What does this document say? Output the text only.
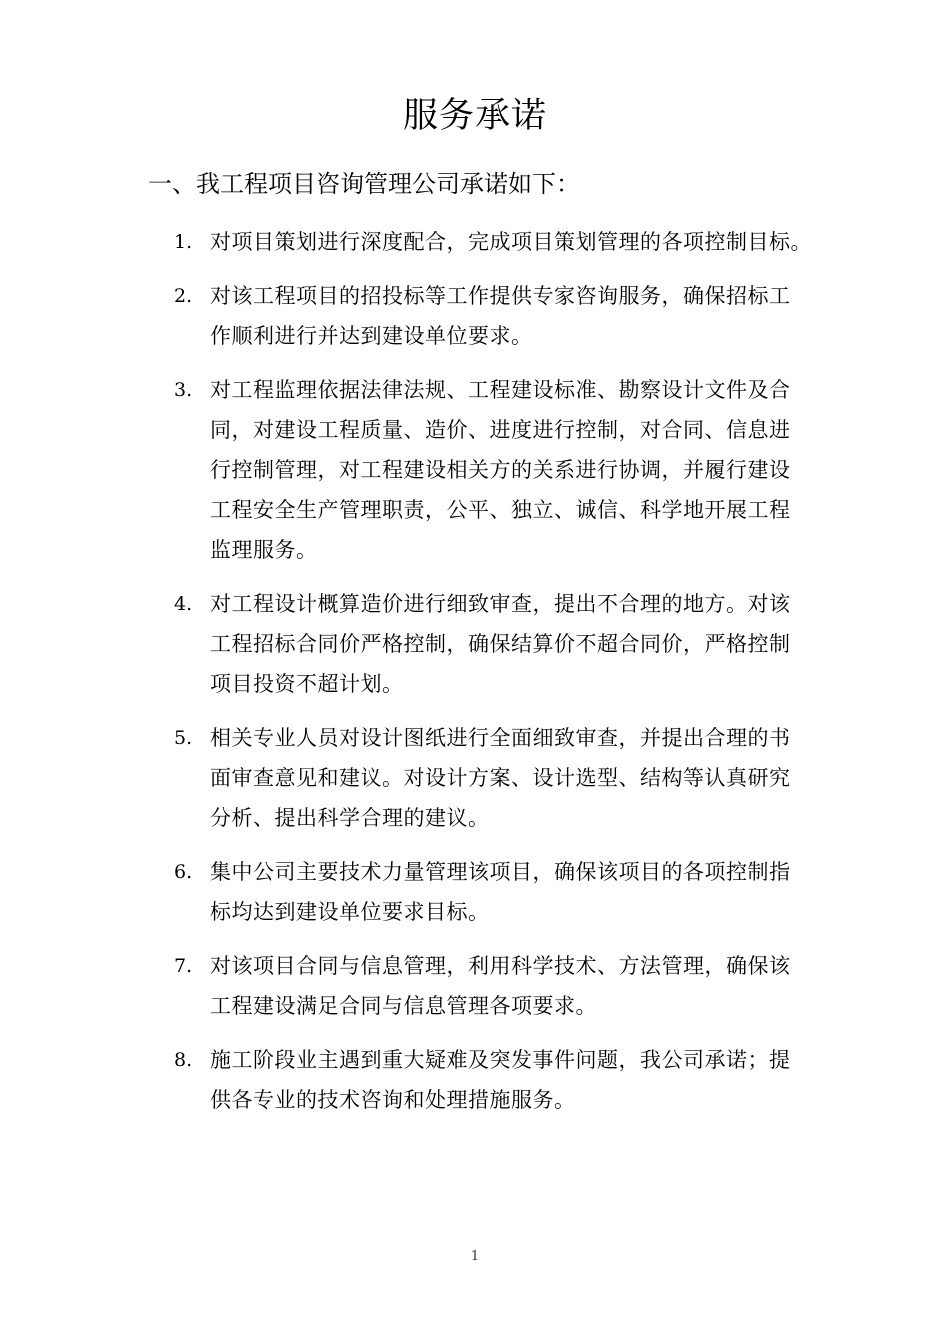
服务承诺
一、我工程项目咨询管理公司承诺如下：
1. 对项目策划进行深度配合，完成项目策划管理的各项控制目标。
2. 对该工程项目的招投标等工作提供专家咨询服务，确保招标工
作顺利进行并达到建设单位要求。
3. 对工程监理依据法律法规、工程建设标准、勘察设计文件及合
同，对建设工程质量、造价、进度进行控制，对合同、信息进
行控制管理，对工程建设相关方的关系进行协调，并履行建设
工程安全生产管理职责，公平、独立、诚信、科学地开展工程
监理服务。
4. 对工程设计概算造价进行细致审查，提出不合理的地方。对该
工程招标合同价严格控制，确保结算价不超合同价，严格控制
项目投资不超计划。
5. 相关专业人员对设计图纸进行全面细致审查，并提出合理的书
面审查意见和建议。对设计方案、设计选型、结构等认真研究
分析、提出科学合理的建议。
6. 集中公司主要技术力量管理该项目，确保该项目的各项控制指
标均达到建设单位要求目标。
7. 对该项目合同与信息管理，利用科学技术、方法管理，确保该
工程建设满足合同与信息管理各项要求。
8. 施工阶段业主遇到重大疑难及突发事件问题，我公司承诺；提
供各专业的技术咨询和处理措施服务。
1
